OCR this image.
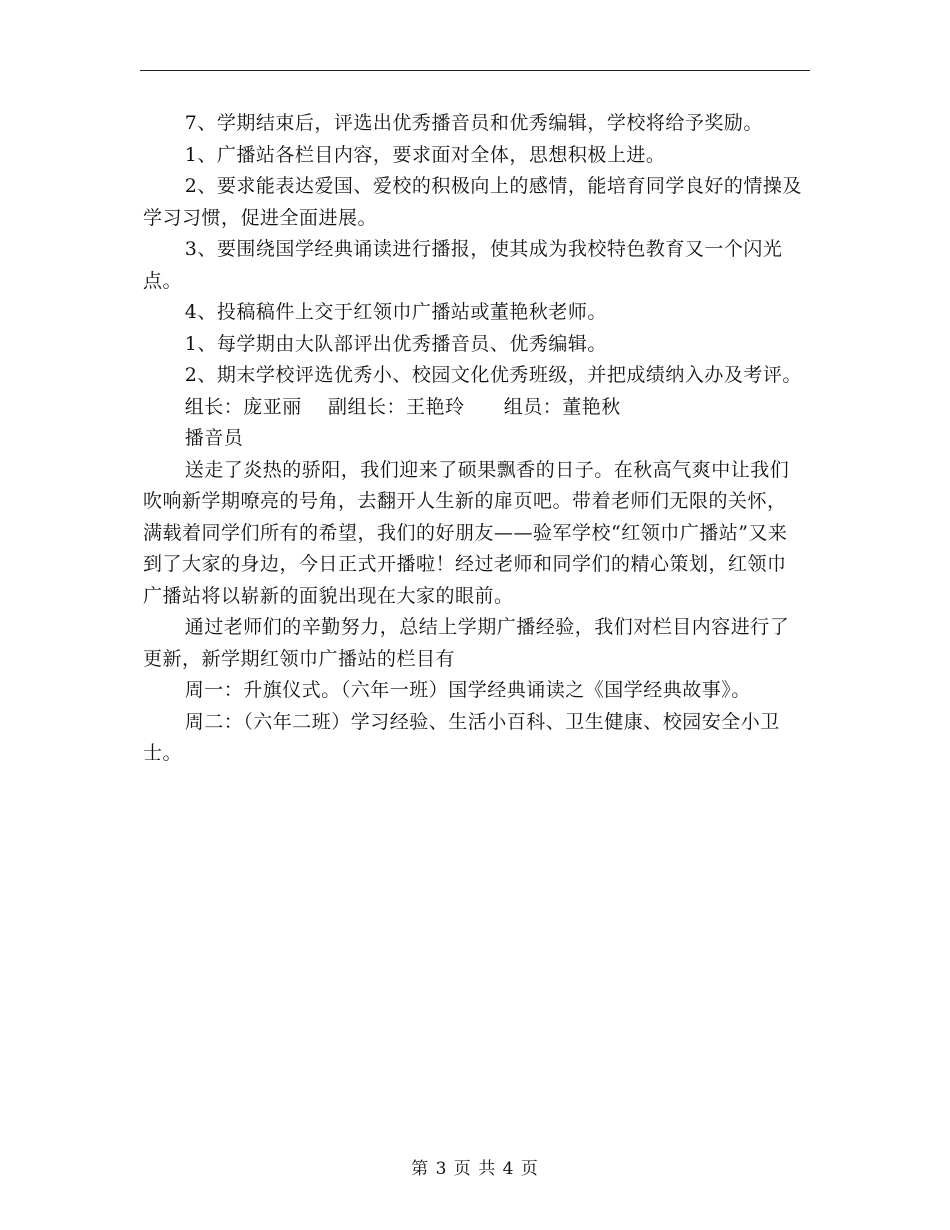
7、学期结束后，评选出优秀播音员和优秀编辑，学校将给予奖励。

1、广播站各栏目内容，要求面对全体，思想积极上进。

2、要求能表达爱国、爱校的积极向上的感情，能培育同学良好的情操及学习习惯，促进全面进展。

3、要围绕国学经典诵读进行播报，使其成为我校特色教育又一个闪光点。

4、投稿稿件上交于红领巾广播站或董艳秋老师。

1、每学期由大队部评出优秀播音员、优秀编辑。

2、期末学校评选优秀小、校园文化优秀班级，并把成绩纳入办及考评。

组长：庞亚丽 副组长：王艳玲 组员：董艳秋

播音员

送走了炎热的骄阳，我们迎来了硕果飘香的日子。在秋高气爽中让我们吹响新学期嘹亮的号角，去翻开人生新的扉页吧。带着老师们无限的关怀，满载着同学们所有的希望，我们的好朋友——验军学校“红领巾广播站”又来到了大家的身边，今日正式开播啦！经过老师和同学们的精心策划，红领巾广播站将以崭新的面貌出现在大家的眼前。

通过老师们的辛勤努力，总结上学期广播经验，我们对栏目内容进行了更新，新学期红领巾广播站的栏目有

周一：升旗仪式。（六年一班）国学经典诵读之《国学经典故事》。

周二：（六年二班）学习经验、生活小百科、卫生健康、校园安全小卫士。

第 3 页 共 4 页
